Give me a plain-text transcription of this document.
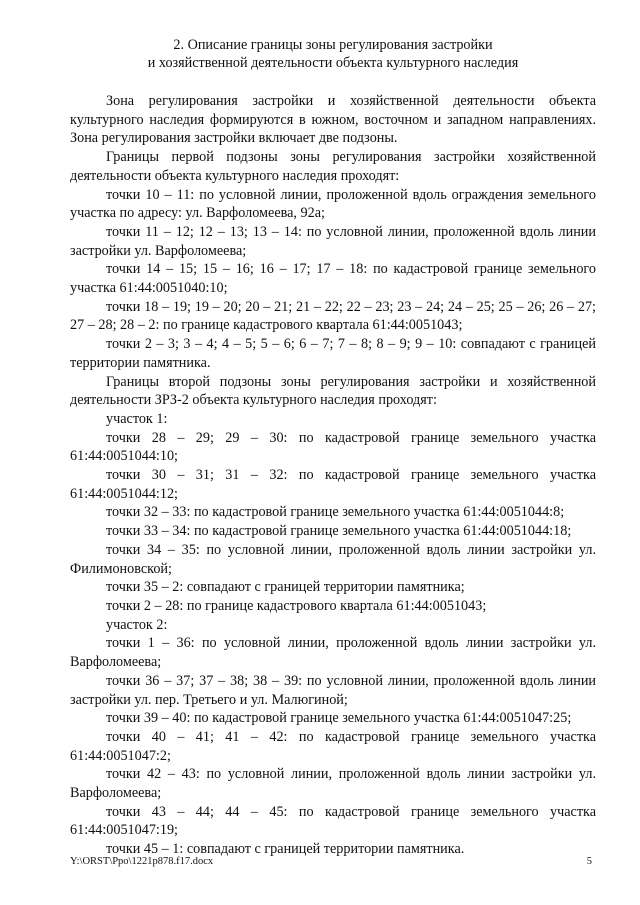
2. Описание границы зоны регулирования застройки
и хозяйственной деятельности объекта культурного наследия

Зона регулирования застройки и хозяйственной деятельности объекта культурного наследия формируются в южном, восточном и западном направлениях. Зона регулирования застройки включает две подзоны.

Границы первой подзоны зоны регулирования застройки хозяйственной деятельности объекта культурного наследия проходят:

точки 10 – 11: по условной линии, проложенной вдоль ограждения земельного участка по адресу: ул. Варфоломеева, 92а;

точки 11 – 12; 12 – 13; 13 – 14: по условной линии, проложенной вдоль линии застройки ул. Варфоломеева;

точки 14 – 15; 15 – 16; 16 – 17; 17 – 18: по кадастровой границе земельного участка 61:44:0051040:10;

точки 18 – 19; 19 – 20; 20 – 21; 21 – 22; 22 – 23; 23 – 24; 24 – 25; 25 – 26; 26 – 27; 27 – 28; 28 – 2: по границе кадастрового квартала 61:44:0051043;

точки 2 – 3; 3 – 4; 4 – 5; 5 – 6; 6 – 7; 7 – 8; 8 – 9; 9 – 10: совпадают с границей территории памятника.

Границы второй подзоны зоны регулирования застройки и хозяйственной деятельности ЗРЗ-2 объекта культурного наследия проходят:

участок 1:

точки 28 – 29; 29 – 30: по кадастровой границе земельного участка 61:44:0051044:10;

точки 30 – 31; 31 – 32: по кадастровой границе земельного участка 61:44:0051044:12;

точки 32 – 33: по кадастровой границе земельного участка 61:44:0051044:8;

точки 33 – 34: по кадастровой границе земельного участка 61:44:0051044:18;

точки 34 – 35: по условной линии, проложенной вдоль линии застройки ул. Филимоновской;

точки 35 – 2: совпадают с границей территории памятника;

точки 2 – 28: по границе кадастрового квартала 61:44:0051043;

участок 2:

точки 1 – 36: по условной линии, проложенной вдоль линии застройки ул. Варфоломеева;

точки 36 – 37; 37 – 38; 38 – 39: по условной линии, проложенной вдоль линии застройки ул. пер. Третьего и ул. Малюгиной;

точки 39 – 40: по кадастровой границе земельного участка 61:44:0051047:25;

точки 40 – 41; 41 – 42: по кадастровой границе земельного участка 61:44:0051047:2;

точки 42 – 43: по условной линии, проложенной вдоль линии застройки ул. Варфоломеева;

точки 43 – 44; 44 – 45: по кадастровой границе земельного участка 61:44:0051047:19;

точки 45 – 1: совпадают с границей территории памятника.

Y:\ORST\Ppo\1221p878.f17.docx	5
